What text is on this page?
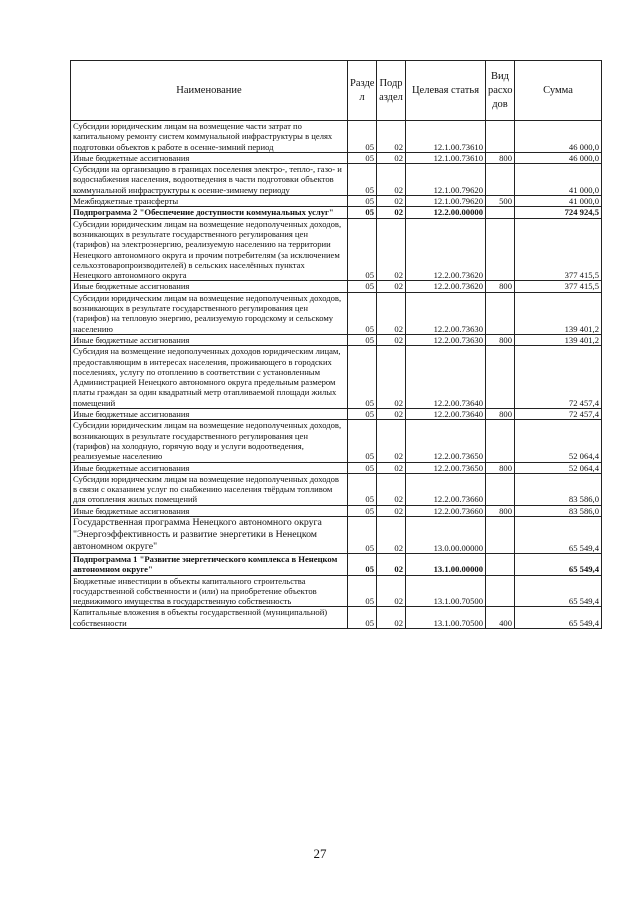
Наименование	Разде л	Подр аздел	Целевая статья	Вид расхо дов	Сумма
Субсидии юридическим лицам на возмещение части затрат по капитальному ремонту систем коммунальной инфраструктуры в целях подготовки объектов к работе в осенне-зимний период	05	02	12.1.00.73610		46 000,0
Иные бюджетные ассигнования	05	02	12.1.00.73610	800	46 000,0
Субсидии на организацию в границах поселения электро-, тепло-, газо- и водоснабжения населения, водоотведения в части подготовки объектов коммунальной инфраструктуры к осенне-зимнему периоду	05	02	12.1.00.79620		41 000,0
Межбюджетные трансферты	05	02	12.1.00.79620	500	41 000,0
Подпрограмма 2 "Обеспечение доступности коммунальных услуг"	05	02	12.2.00.00000		724 924,5
Субсидии юридическим лицам на возмещение недополученных доходов, возникающих в результате государственного регулирования цен (тарифов) на электроэнергию, реализуемую населению на территории Ненецкого автономного округа и прочим потребителям (за исключением сельхозтоваропроизводителей) в сельских населённых пунктах Ненецкого автономного округа	05	02	12.2.00.73620		377 415,5
Иные бюджетные ассигнования	05	02	12.2.00.73620	800	377 415,5
Субсидии юридическим лицам на возмещение недополученных доходов, возникающих в результате государственного регулирования цен (тарифов) на тепловую энергию, реализуемую городскому и сельскому населению	05	02	12.2.00.73630		139 401,2
Иные бюджетные ассигнования	05	02	12.2.00.73630	800	139 401,2
Субсидия на возмещение недополученных доходов юридическим лицам, предоставляющим в интересах населения, проживающего в городских поселениях, услугу по отоплению в соответствии с установленным Администрацией Ненецкого автономного округа предельным размером платы граждан за один квадратный метр отапливаемой площади жилых помещений	05	02	12.2.00.73640		72 457,4
Иные бюджетные ассигнования	05	02	12.2.00.73640	800	72 457,4
Субсидии юридическим лицам на возмещение недополученных доходов, возникающих в результате государственного регулирования цен (тарифов) на холодную, горячую воду и услуги водоотведения, реализуемые населению	05	02	12.2.00.73650		52 064,4
Иные бюджетные ассигнования	05	02	12.2.00.73650	800	52 064,4
Субсидии юридическим лицам на возмещение недополученных доходов в связи с оказанием услуг по снабжению населения твёрдым топливом для отопления жилых помещений	05	02	12.2.00.73660		83 586,0
Иные бюджетные ассигнования	05	02	12.2.00.73660	800	83 586,0
Государственная программа Ненецкого автономного округа "Энергоэффективность и развитие энергетики в Ненецком автономном округе"	05	02	13.0.00.00000		65 549,4
Подпрограмма 1 "Развитие энергетического комплекса в Ненецком автономном округе"	05	02	13.1.00.00000		65 549,4
Бюджетные инвестиции в объекты капитального строительства государственной собственности и (или) на приобретение объектов недвижимого имущества в государственную собственность	05	02	13.1.00.70500		65 549,4
Капитальные вложения в объекты государственной (муниципальной) собственности	05	02	13.1.00.70500	400	65 549,4
27
